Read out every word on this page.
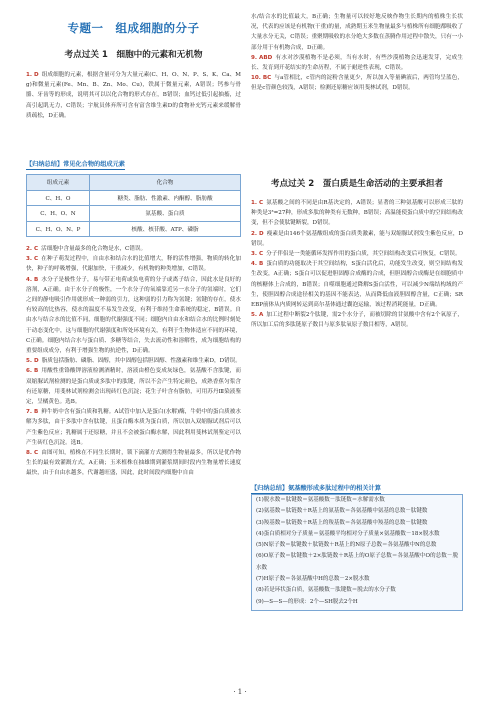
专题一　组成细胞的分子
考点过关 1　细胞中的元素和无机物

1. D 组成细胞的元素，根据含量可分为大量元素(C、H、O、N、P、S、K、Ca、Mg)和微量元素(Fe、Mn、B、Zn、Mo、Cu)，铁属于微量元素，A错误；钙参与骨骼、牙齿等的形成，说明其可以以化合物的形式存在，B错误；血钙过低引起抽搐，过高引起肌无力，C错误；宇航员体弃所可含有富含维生素D的食物补充钙元素来缓解骨质疏松，D正确。

【归纳总结】常见化合物的组成元素
组成元素	化合物
C、H、O	糖类、脂肪、性激素、内酮醇、脂肪酸
C、H、O、N	氨基酸、蛋白质
C、H、O、N、P	核酸、核苷酸、ATP、磷脂

2. C 活细胞中含量最多的化合物是水，C错误。

3. C 在种子萌发过程中，自由水和结合水的比值增大，释的活性增强，物质的转化加快，种子的呼吸增强，代谢加快，干重减少，有机物的种类增加，C错误。

4. B 水分子是极性分子，易与带正电荷或负电荷的分子或离子结合，因此水是良好的溶剂，A正确。由于水分子的极性，一个水分子的氧端靠近另一水分子的氢端时，它们之间的静电吸引作用就形成一种弱的引力，这种弱的引力称为氢键；氢键的存在，使水有较高的比热容，使水的温度不易发生改变，有利于维持生命系统的稳定，B错误。自由水与结合水的比值不同，细胞的代谢强度不同；细胞内自由水和结合水的比例时刻处于动态变化中，这与细胞的代谢强度和所处环境有关，有利于生物体适应不同的环境，C正确。细胞内结合水与蛋白质、多糖等结合，失去流动性和溶解性，成为细胞结构的重要组成成分，有利于增强生物的抗逆性，D正确。

5. D 脂质包括脂肪、磷脂、固醇，其中固醇包括胆固醇、性激素和维生素D，D错误。

6. B 用酸性重铬酸钾溶液检测酒精时，溶液由橙色变成灰绿色，氨基酸不含肽键，而双缩脲试剂检测的是蛋白质或多肽中的肽键，所以不会产生特定颜色，成熟香蕉匀浆含有还原糖，用斐林试剂检测会出现砖红色沉淀；花生子叶含有脂肪，可用苏丹Ⅲ染液鉴定，呈橘黄色。选B。

7. B 鲜牛奶中含有蛋白质和乳糖。A试管中加入是蛋白(水解)酶，牛奶中的蛋白质被水解为多肽，由于多肽中含有肽键，且蛋白酶本质为蛋白质，所以加入双缩脲试剂后可以产生紫色反应；乳糖属于还原糖，并且不会被蛋白酶水解，因此利用斐林试剂鉴定可以产生砖红色沉淀。选B。

8. C 由图可知，植株在不同生长期时，锁下滴灌方式测得生物量最多，所以是优作物生长的最有效灌溉方式，A正确；玉米植株在抽雄期到灌浆期间时段内生物量增长速度最快，由于自由水越多，代谢越旺盛，因此，此时间段内细胞中自由

水/结合水的比值最大，B正确；生物量可以较好地反映作物生长期内的植株生长状况，代表的应该是有机物(干重)的量，成熟期玉米生物量最多与植株所有细胞都吸收了大量水分无关，C错误；重聚期吸收的水分绝大多数在蒸腾作用过程中散失，只有一小部分用于有机物合成，D正确。

9. ABD 有水对沙漠植物不是必须，当有水时，有些沙漠植物会迅速发芽，完成生长、发育到开花结实的生命历程，不属于耐逆性表现，C错误。

10. BC 与a管相比，c管内的淀粉含量更少，所以加入等量碘液后，两管均呈蓝色，但是c管颜色较浅，A错误；检测还原糖应该用斐林试剂，D错误。

考点过关 2　蛋白质是生命活动的主要承担者

1. C 氨基酸之间的不同是由R基决定的，A错误；显著的三种氨基酸可以形成三肽的种类是3³=27种，形成多肽的种类有无数种，B错误；高温能使蛋白质中的空间结构改变，但不会使肽键断裂，D错误。

2. D 瘦素是由146个氨基酸组成的蛋白质类激素，能与双缩脲试剂发生紫色反应，D错误。

3. C 分子伴侣是一类能循环发挥作用的蛋白质，其空间结构改变后可恢复，C错误。

4. B 蛋白质的功能取决于其空间结构，S蛋白活化后，功能发生改变，则空间结构发生改变，A正确；S蛋白可以促进胆固醇合成酶的合成，但胆固醇合成酶是在细胞质中的核糖体上合成的，B错误；自噬细胞通过降解S蛋白活性，可以减少N端结构域的产生，使胆固醇合成途径相关的基因不能表达，从而降低血液胆固醇含量，C正确；SREBP前体从内质网转运到高尔基体通过囊泡运输，该过程消耗能量，D正确。

5. A 加工过程中断裂2个肽键，需2个水分子，而被切除的甘氨酸中含有2个氧原子，所以加工后的多肽链原子数目与原多肽氧原子数目相等，A错误。

【归纳总结】氨基酸形成多肽过程中的相关计算

(1)脱水数＝肽键数＝氨基酸数－肽链数＝水解需水数

(2)氨基数＝肽链数＋R基上的氨基数＝各氨基酸中氨基的总数－肽键数

(3)羧基数＝肽链数＋R基上的羧基数＝各氨基酸中羧基的总数－肽键数

(4)蛋白质相对分子质量＝氨基酸平均相对分子质量×氨基酸数－18×脱水数

(5)N原子数＝肽键数＋肽链数＋R基上的N原子总数＝各氨基酸中N的总数

(6)O原子数＝肽键数＋2×肽链数＋R基上的O原子总数＝各氨基酸中O的总数－脱水数

(7)H原子数＝各氨基酸中H的总数－2×脱水数

(8)若是环状蛋白质，氨基酸数－肽键数＝脱去的水分子数

(9)—S—S—的形成：2个—SH脱去2个H

· 1 ·
